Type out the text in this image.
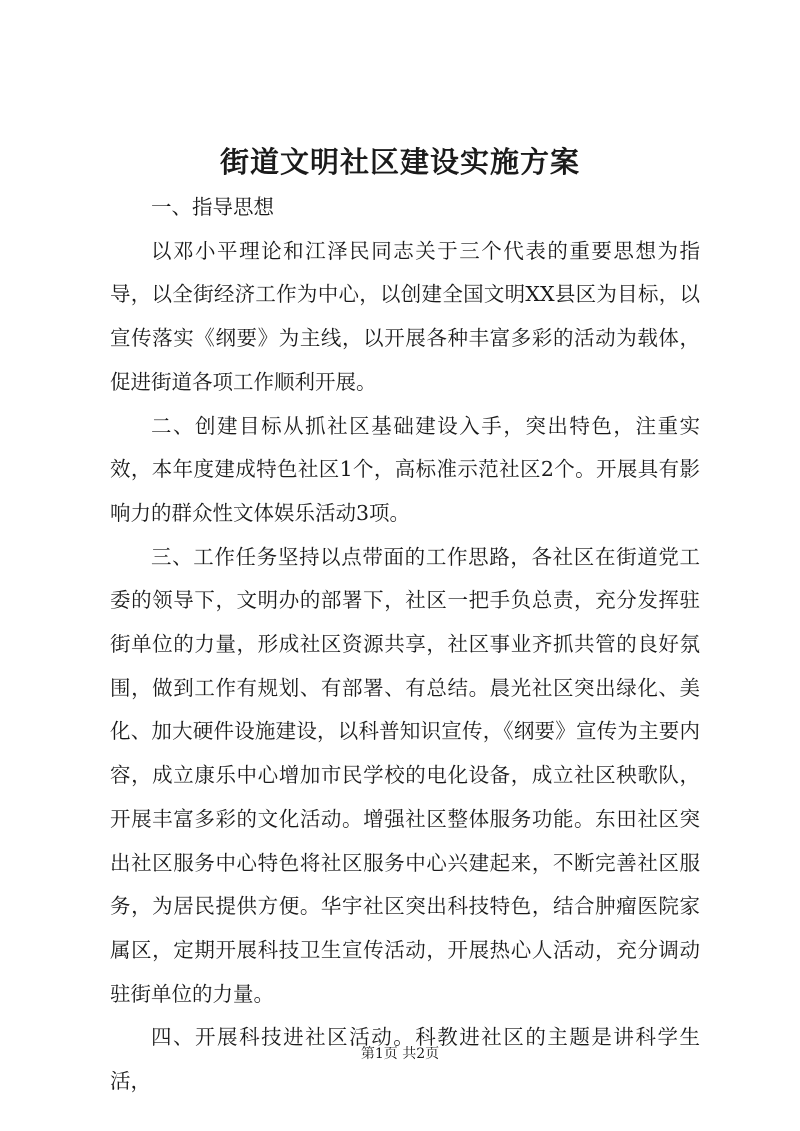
街道文明社区建设实施方案

一、指导思想

以邓小平理论和江泽民同志关于三个代表的重要思想为指导，以全街经济工作为中心，以创建全国文明XX县区为目标，以宣传落实《纲要》为主线，以开展各种丰富多彩的活动为载体，促进街道各项工作顺利开展。

二、创建目标从抓社区基础建设入手，突出特色，注重实效，本年度建成特色社区1个，高标准示范社区2个。开展具有影响力的群众性文体娱乐活动3项。

三、工作任务坚持以点带面的工作思路，各社区在街道党工委的领导下，文明办的部署下，社区一把手负总责，充分发挥驻街单位的力量，形成社区资源共享，社区事业齐抓共管的良好氛围，做到工作有规划、有部署、有总结。晨光社区突出绿化、美化、加大硬件设施建设，以科普知识宣传，《纲要》宣传为主要内容，成立康乐中心增加市民学校的电化设备，成立社区秧歌队，开展丰富多彩的文化活动。增强社区整体服务功能。东田社区突出社区服务中心特色将社区服务中心兴建起来，不断完善社区服务，为居民提供方便。华宇社区突出科技特色，结合肿瘤医院家属区，定期开展科技卫生宣传活动，开展热心人活动，充分调动驻街单位的力量。

四、开展科技进社区活动。科教进社区的主题是讲科学生活，

第1页 共2页
